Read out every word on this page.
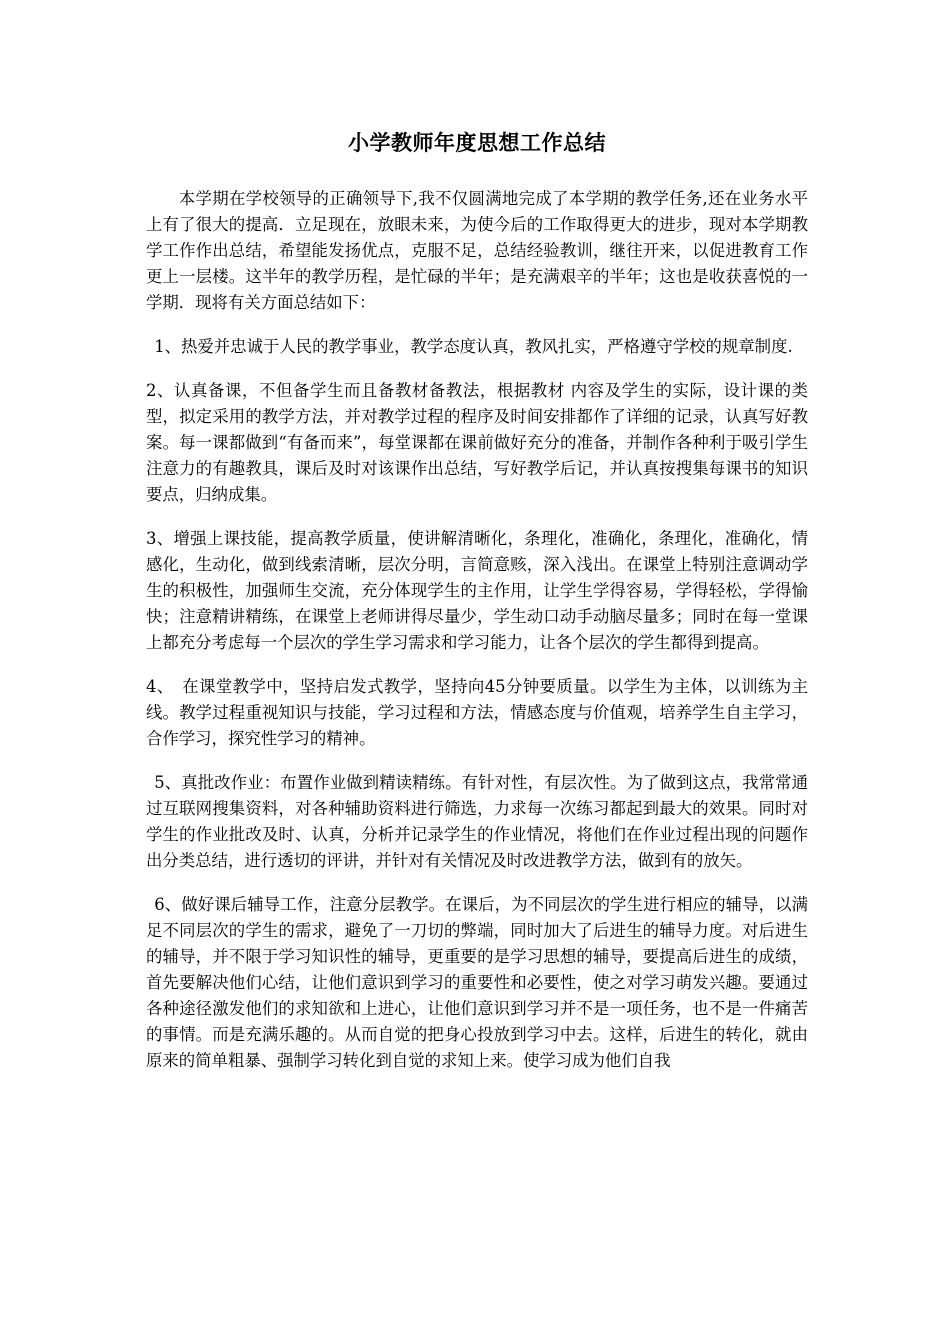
小学教师年度思想工作总结

本学期在学校领导的正确领导下,我不仅圆满地完成了本学期的教学任务,还在业务水平上有了很大的提高．立足现在，放眼未来，为使今后的工作取得更大的进步，现对本学期教学工作作出总结，希望能发扬优点，克服不足，总结经验教训，继往开来，以促进教育工作更上一层楼。这半年的教学历程，是忙碌的半年；是充满艰辛的半年；这也是收获喜悦的一学期．现将有关方面总结如下：

1、热爱并忠诚于人民的教学事业，教学态度认真，教风扎实，严格遵守学校的规章制度.

2、认真备课，不但备学生而且备教材备教法，根据教材 内容及学生的实际，设计课的类型，拟定采用的教学方法，并对教学过程的程序及时间安排都作了详细的记录，认真写好教案。每一课都做到“有备而来”，每堂课都在课前做好充分的准备，并制作各种利于吸引学生注意力的有趣教具，课后及时对该课作出总结，写好教学后记，并认真按搜集每课书的知识要点，归纳成集。

3、增强上课技能，提高教学质量，使讲解清晰化，条理化，准确化，条理化，准确化，情感化，生动化，做到线索清晰，层次分明，言简意赅，深入浅出。在课堂上特别注意调动学生的积极性，加强师生交流，充分体现学生的主作用，让学生学得容易，学得轻松，学得愉快；注意精讲精练，在课堂上老师讲得尽量少，学生动口动手动脑尽量多；同时在每一堂课上都充分考虑每一个层次的学生学习需求和学习能力，让各个层次的学生都得到提高。

4、　在课堂教学中，坚持启发式教学，坚持向45分钟要质量。以学生为主体，以训练为主线。教学过程重视知识与技能，学习过程和方法，情感态度与价值观，培养学生自主学习，合作学习，探究性学习的精神。

5、真批改作业：布置作业做到精读精练。有针对性，有层次性。为了做到这点，我常常通过互联网搜集资料，对各种辅助资料进行筛选，力求每一次练习都起到最大的效果。同时对学生的作业批改及时、认真，分析并记录学生的作业情况，将他们在作业过程出现的问题作出分类总结，进行透切的评讲，并针对有关情况及时改进教学方法，做到有的放矢。

6、做好课后辅导工作，注意分层教学。在课后，为不同层次的学生进行相应的辅导，以满足不同层次的学生的需求，避免了一刀切的弊端，同时加大了后进生的辅导力度。对后进生的辅导，并不限于学习知识性的辅导，更重要的是学习思想的辅导，要提高后进生的成绩，首先要解决他们心结，让他们意识到学习的重要性和必要性，使之对学习萌发兴趣。要通过各种途径激发他们的求知欲和上进心，让他们意识到学习并不是一项任务，也不是一件痛苦的事情。而是充满乐趣的。从而自觉的把身心投放到学习中去。这样，后进生的转化，就由原来的简单粗暴、强制学习转化到自觉的求知上来。使学习成为他们自我
